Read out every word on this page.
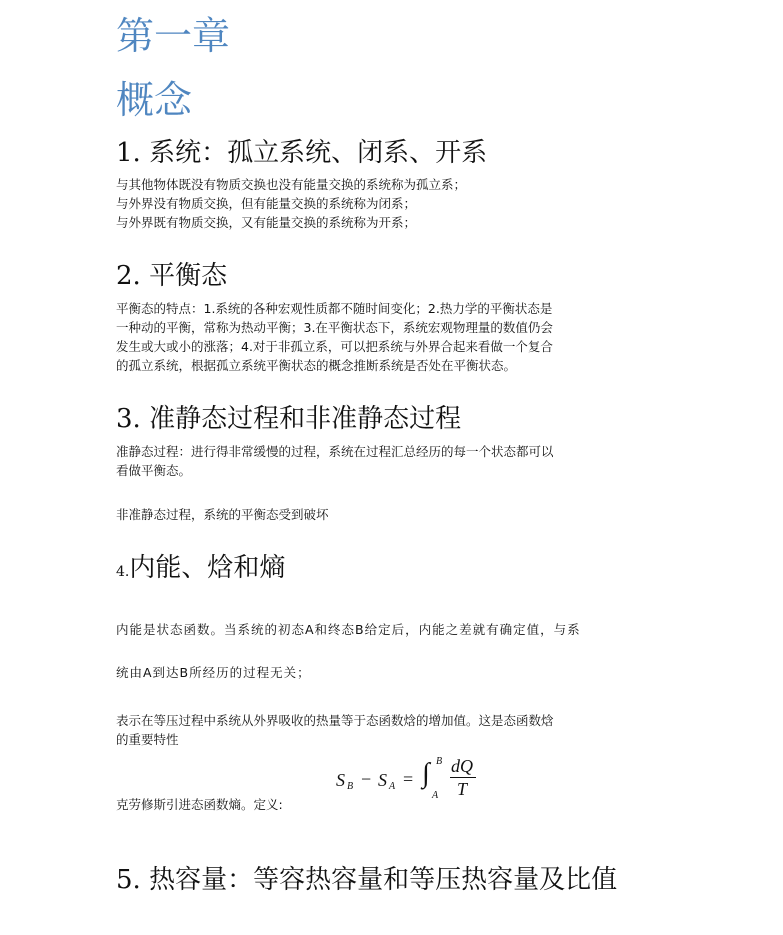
第一章
概念
1. 系统：孤立系统、闭系、开系
与其他物体既没有物质交换也没有能量交换的系统称为孤立系；
与外界没有物质交换，但有能量交换的系统称为闭系；
与外界既有物质交换，又有能量交换的系统称为开系；
2. 平衡态
平衡态的特点：1.系统的各种宏观性质都不随时间变化；2.热力学的平衡状态是
一种动的平衡，常称为热动平衡；3.在平衡状态下，系统宏观物理量的数值仍会
发生或大或小的涨落；4.对于非孤立系，可以把系统与外界合起来看做一个复合
的孤立系统，根据孤立系统平衡状态的概念推断系统是否处在平衡状态。
3. 准静态过程和非准静态过程
准静态过程：进行得非常缓慢的过程，系统在过程汇总经历的每一个状态都可以
看做平衡态。
非准静态过程，系统的平衡态受到破坏
4.内能、焓和熵
内能是状态函数。当系统的初态A和终态B给定后，内能之差就有确定值，与系
统由A到达B所经历的过程无关；
表示在等压过程中系统从外界吸收的热量等于态函数焓的增加值。这是态函数焓
的重要特性
克劳修斯引进态函数熵。定义:
S B − S A = ∫ B
A
dQ
T
5. 热容量：等容热容量和等压热容量及比值
